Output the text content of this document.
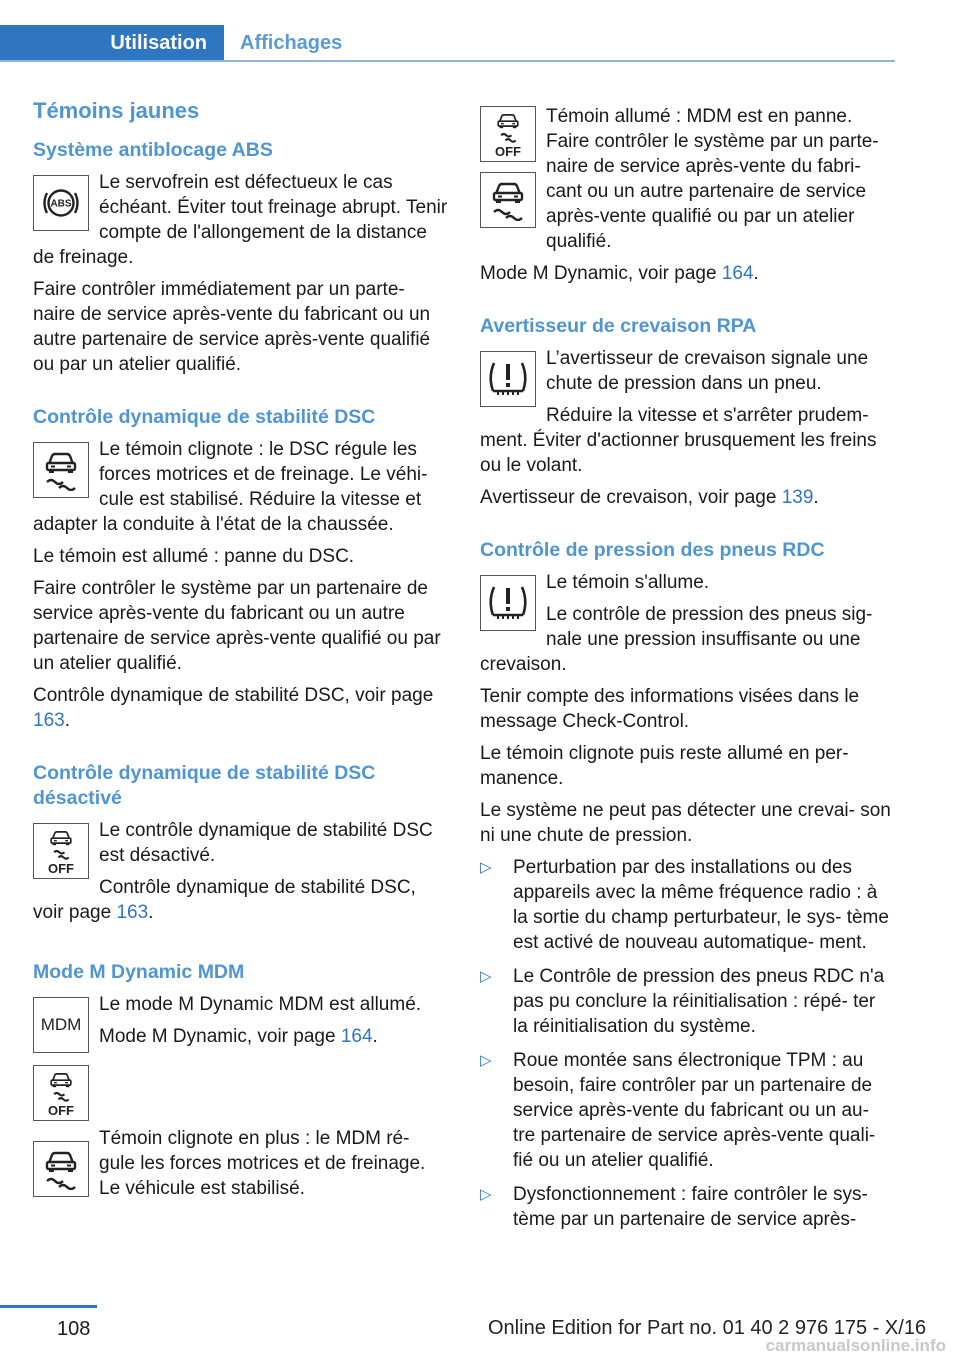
Utilisation	Affichages
Témoins jaunes
Système antiblocage ABS
ABS

Le servofrein est défectueux le cas échéant. Éviter tout freinage abrupt. Tenir compte de l'allongement de la distance de freinage.

Faire contrôler immédiatement par un parte- naire de service après-vente du fabricant ou un autre partenaire de service après-vente qualifié ou par un atelier qualifié.

Contrôle dynamique de stabilité DSC

Le témoin clignote : le DSC régule les forces motrices et de freinage. Le véhi- cule est stabilisé. Réduire la vitesse et adapter la conduite à l'état de la chaussée.

Le témoin est allumé : panne du DSC.

Faire contrôler le système par un partenaire de service après-vente du fabricant ou un autre partenaire de service après-vente qualifié ou par un atelier qualifié.

Contrôle dynamique de stabilité DSC, voir page 163.

Contrôle dynamique de stabilité DSC désactivé
OFF

Le contrôle dynamique de stabilité DSC est désactivé.

Contrôle dynamique de stabilité DSC, voir page 163.

Mode M Dynamic MDM
MDM
OFF

Le mode M Dynamic MDM est allumé.

Mode M Dynamic, voir page 164.

Témoin clignote en plus : le MDM ré- gule les forces motrices et de freinage. Le véhicule est stabilisé.

OFF

Témoin allumé : MDM est en panne. Faire contrôler le système par un parte- naire de service après-vente du fabri- cant ou un autre partenaire de service après-vente qualifié ou par un atelier qualifié.

Mode M Dynamic, voir page 164.

Avertisseur de crevaison RPA

L’avertisseur de crevaison signale une chute de pression dans un pneu.

Réduire la vitesse et s'arrêter prudem- ment. Éviter d'actionner brusquement les freins ou le volant.

Avertisseur de crevaison, voir page 139.

Contrôle de pression des pneus RDC

Le témoin s'allume.

Le contrôle de pression des pneus sig- nale une pression insuffisante ou une crevaison.

Tenir compte des informations visées dans le message Check-Control.

Le témoin clignote puis reste allumé en per- manence.

Le système ne peut pas détecter une crevai- son ni une chute de pression.

▷ Perturbation par des installations ou des appareils avec la même fréquence radio : à la sortie du champ perturbateur, le sys- tème est activé de nouveau automatique- ment.
▷ Le Contrôle de pression des pneus RDC n'a pas pu conclure la réinitialisation : répé- ter la réinitialisation du système.
▷ Roue montée sans électronique TPM : au besoin, faire contrôler par un partenaire de service après-vente du fabricant ou un au- tre partenaire de service après-vente quali- fié ou un atelier qualifié.
▷ Dysfonctionnement : faire contrôler le sys- tème par un partenaire de service après-
108	Online Edition for Part no. 01 40 2 976 175 - X/16
carmanualsonline.info
